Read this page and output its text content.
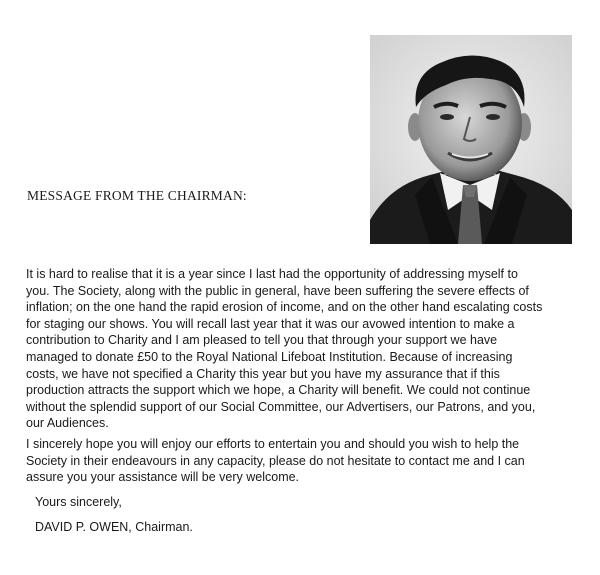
MESSAGE FROM THE CHAIRMAN:

It is hard to realise that it is a year since I last had the opportunity of addressing myself to
you. The Society, along with the public in general, have been suffering the severe effects of
inflation; on the one hand the rapid erosion of income, and on the other hand escalating costs
for staging our shows. You will recall last year that it was our avowed intention to make a
contribution to Charity and I am pleased to tell you that through your support we have
managed to donate £50 to the Royal National Lifeboat Institution. Because of increasing
costs, we have not specified a Charity this year but you have my assurance that if this
production attracts the support which we hope, a Charity will benefit. We could not continue
without the splendid support of our Social Committee, our Advertisers, our Patrons, and you,
our Audiences.

I sincerely hope you will enjoy our efforts to entertain you and should you wish to help the
Society in their endeavours in any capacity, please do not hesitate to contact me and I can
assure you your assistance will be very welcome.

Yours sincerely,
DAVID P. OWEN, Chairman.
